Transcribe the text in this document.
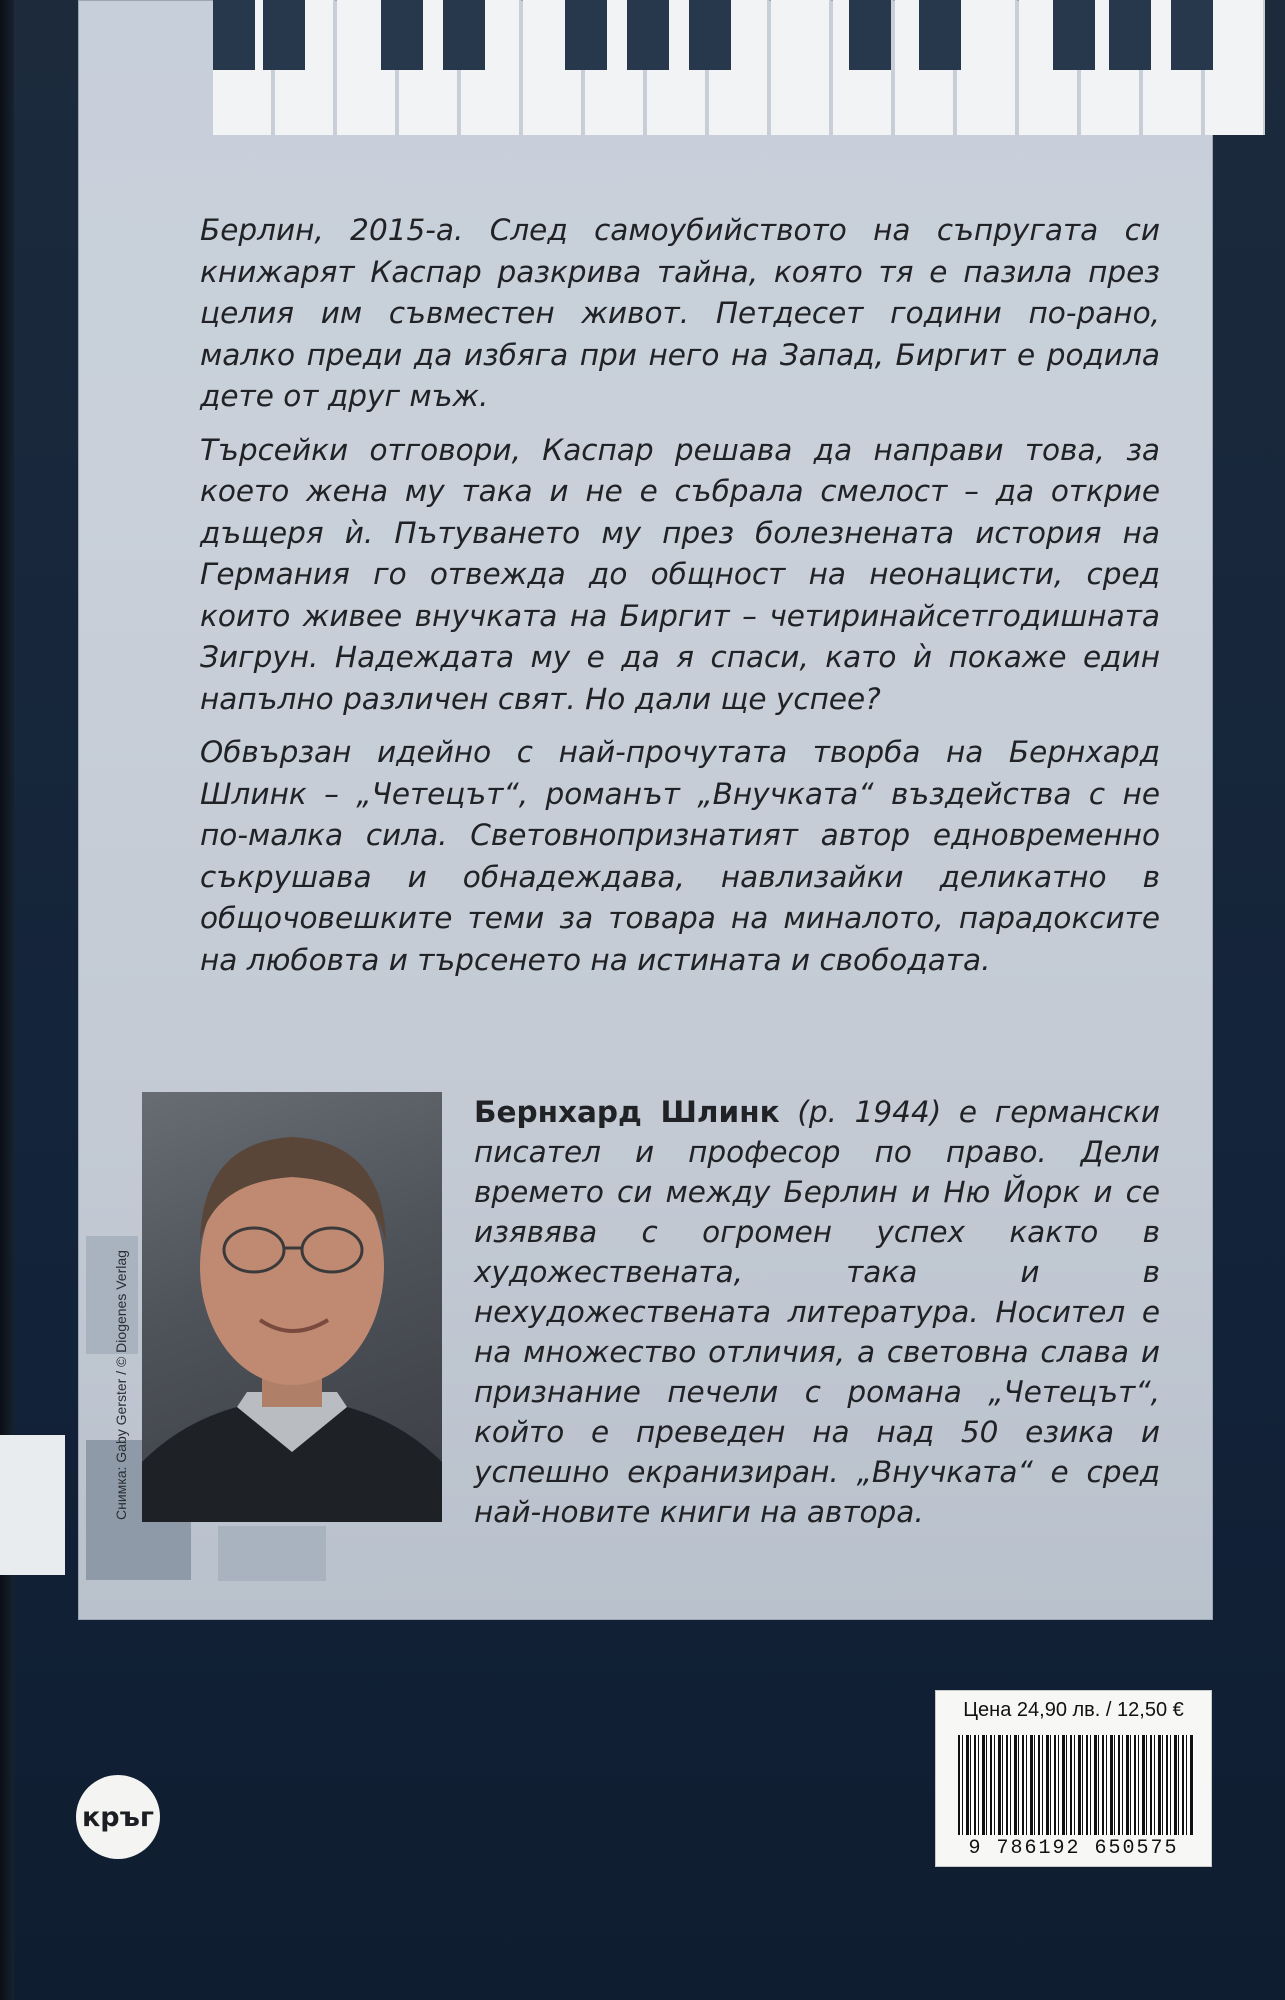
Берлин, 2015-а. След самоубийството на съпругата си книжарят Каспар разкрива тайна, която тя е пазила през целия им съвместен живот. Петдесет години по-рано, малко преди да избяга при него на Запад, Биргит е родила дете от друг мъж.

Търсейки отговори, Каспар решава да направи това, за което жена му така и не е събрала смелост – да открие дъщеря ѝ. Пътуването му през болезнената история на Германия го отвежда до общност на неонацисти, сред които живее внучката на Биргит – четиринайсетгодишната Зигрун. Надеждата му е да я спаси, като ѝ покаже един напълно различен свят. Но дали ще успее?

Обвързан идейно с най-прочутата творба на Бернхард Шлинк – „Четецът“, романът „Внучката“ въздейства с не по-малка сила. Световнопризнатият автор едновременно съкрушава и обнадеждава, навлизайки деликатно в общочовешките теми за товара на миналото, парадоксите на любовта и търсенето на истината и свободата.

Снимка: Gaby Gerster / © Diogenes Verlag
Бернхард Шлинк (р. 1944) е германски писател и професор по право. Дели времето си между Берлин и Ню Йорк и се изявява с огромен успех както в художествената, така и в нехудожествената литература. Носител е на множество отличия, а световна слава и признание печели с романа „Четецът“, който е преведен на над 50 езика и успешно екранизиран. „Внучката“ е сред най-новите книги на автора.
кръг
Цена 24,90 лв. / 12,50 €
9 786192 650575
